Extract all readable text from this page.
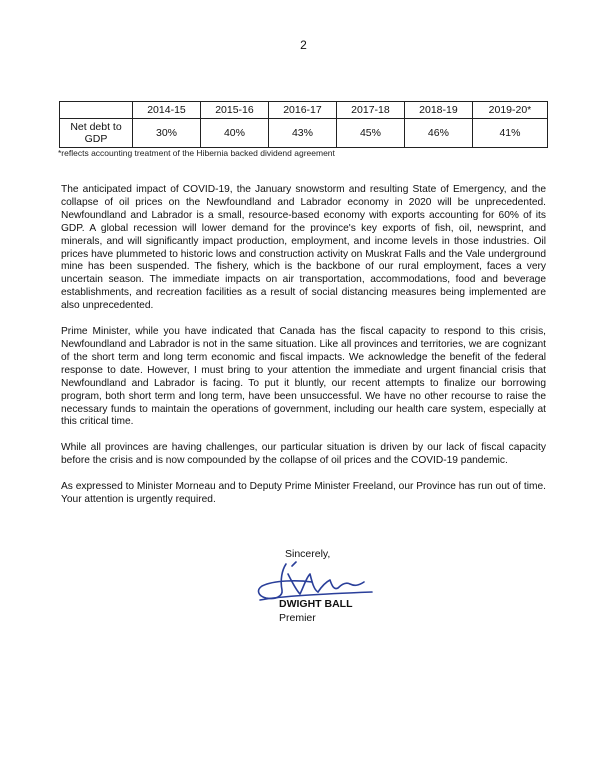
2
	2014-15	2015-16	2016-17	2017-18	2018-19	2019-20*
Net debt to GDP	30%	40%	43%	45%	46%	41%
*reflects accounting treatment of the Hibernia backed dividend agreement

The anticipated impact of COVID-19, the January snowstorm and resulting State of Emergency, and the collapse of oil prices on the Newfoundland and Labrador economy in 2020 will be unprecedented. Newfoundland and Labrador is a small, resource-based economy with exports accounting for 60% of its GDP. A global recession will lower demand for the province's key exports of fish, oil, newsprint, and minerals, and will significantly impact production, employment, and income levels in those industries. Oil prices have plummeted to historic lows and construction activity on Muskrat Falls and the Vale underground mine has been suspended. The fishery, which is the backbone of our rural employment, faces a very uncertain season. The immediate impacts on air transportation, accommodations, food and beverage establishments, and recreation facilities as a result of social distancing measures being implemented are also unprecedented.

Prime Minister, while you have indicated that Canada has the fiscal capacity to respond to this crisis, Newfoundland and Labrador is not in the same situation. Like all provinces and territories, we are cognizant of the short term and long term economic and fiscal impacts. We acknowledge the benefit of the federal response to date. However, I must bring to your attention the immediate and urgent financial crisis that Newfoundland and Labrador is facing. To put it bluntly, our recent attempts to finalize our borrowing program, both short term and long term, have been unsuccessful. We have no other recourse to raise the necessary funds to maintain the operations of government, including our health care system, especially at this critical time.

While all provinces are having challenges, our particular situation is driven by our lack of fiscal capacity before the crisis and is now compounded by the collapse of oil prices and the COVID-19 pandemic.

As expressed to Minister Morneau and to Deputy Prime Minister Freeland, our Province has run out of time. Your attention is urgently required.

Sincerely,
DWIGHT BALL
Premier
